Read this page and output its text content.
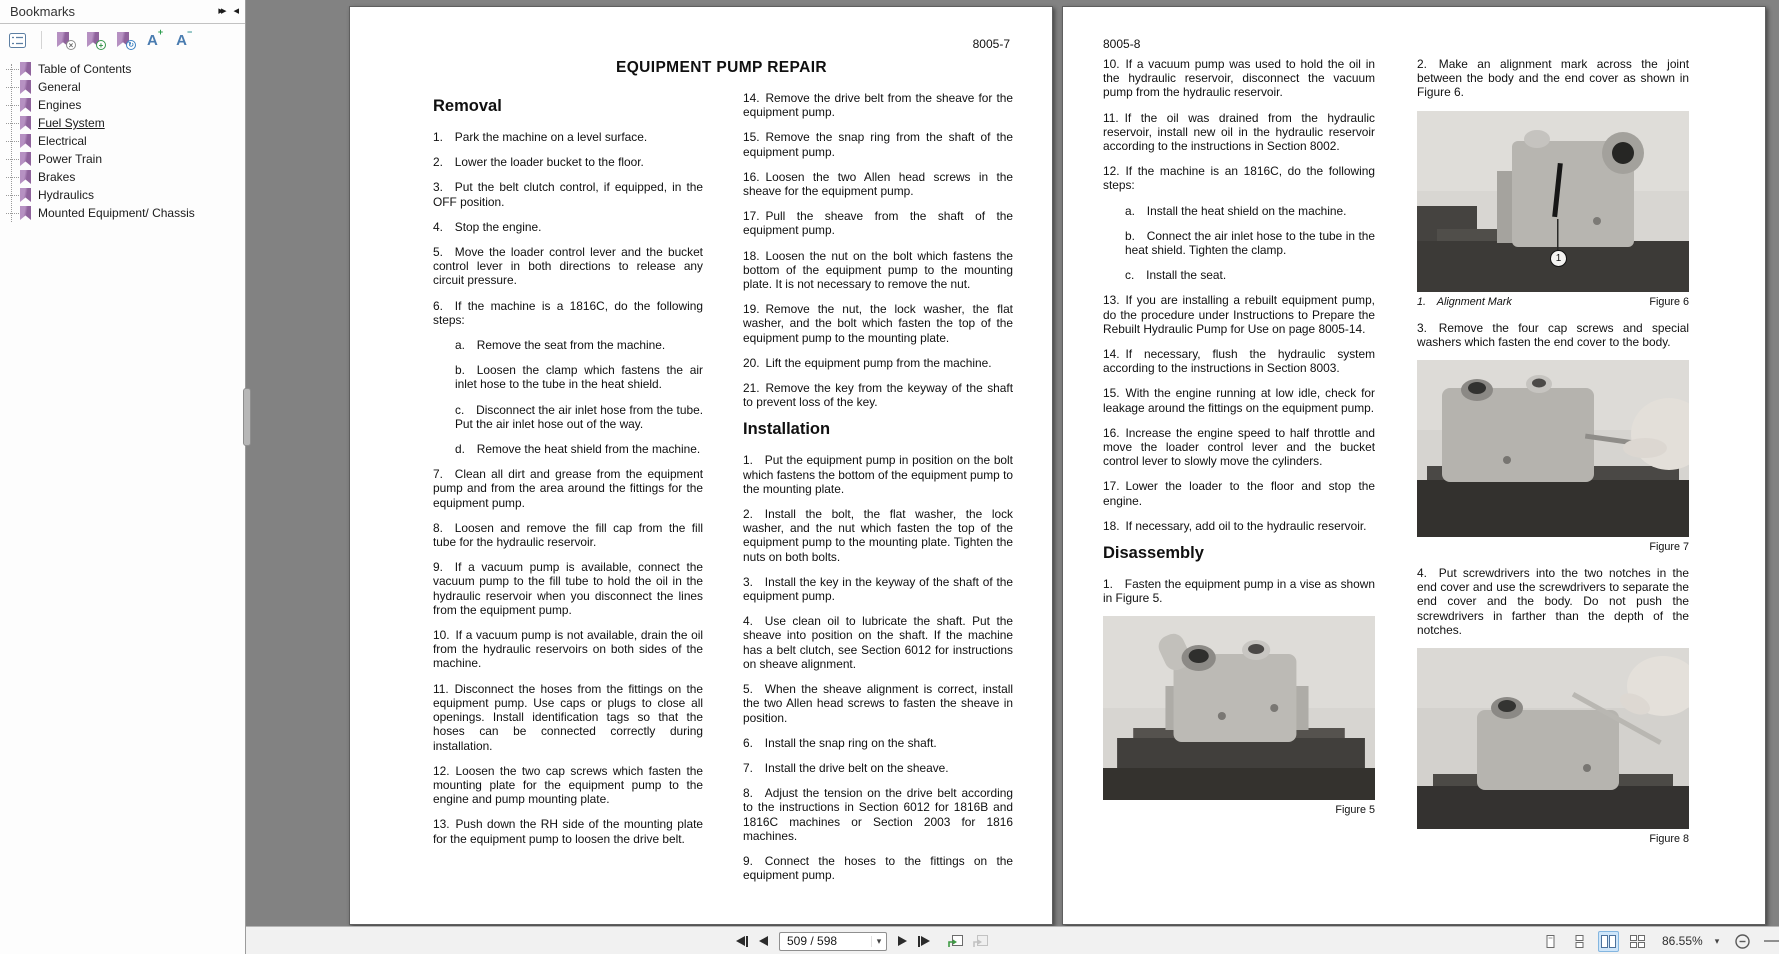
Bookmarks	▸▸ ◂
×	+	↻ A+ A−
Table of Contents
General
Engines
Fuel System
Electrical
Power Train
Brakes
Hydraulics
Mounted Equipment/ Chassis
8005-7
EQUIPMENT PUMP REPAIR

Removal

1.  Park the machine on a level surface.

2.  Lower the loader bucket to the floor.

3.  Put the belt clutch control, if equipped, in the OFF position.

4.  Stop the engine.

5.  Move the loader control lever and the bucket control lever in both directions to release any circuit pressure.

6.  If the machine is a 1816C, do the following steps:

a.  Remove the seat from the machine.

b.  Loosen the clamp which fastens the air inlet hose to the tube in the heat shield.

c.  Disconnect the air inlet hose from the tube. Put the air inlet hose out of the way.

d.  Remove the heat shield from the machine.

7.  Clean all dirt and grease from the equipment pump and from the area around the fittings for the equipment pump.

8.  Loosen and remove the fill cap from the fill tube for the hydraulic reservoir.

9.  If a vacuum pump is available, connect the vacuum pump to the fill tube to hold the oil in the hydraulic reservoir when you disconnect the lines from the equipment pump.

10. If a vacuum pump is not available, drain the oil from the hydraulic reservoirs on both sides of the machine.

11. Disconnect the hoses from the fittings on the equipment pump. Use caps or plugs to close all openings. Install identification tags so that the hoses can be connected correctly during installation.

12. Loosen the two cap screws which fasten the mounting plate for the equipment pump to the engine and pump mounting plate.

13. Push down the RH side of the mounting plate for the equipment pump to loosen the drive belt.

14. Remove the drive belt from the sheave for the equipment pump.

15. Remove the snap ring from the shaft of the equipment pump.

16. Loosen the two Allen head screws in the sheave for the equipment pump.

17. Pull the sheave from the shaft of the equipment pump.

18. Loosen the nut on the bolt which fastens the bottom of the equipment pump to the mounting plate. It is not necessary to remove the nut.

19. Remove the nut, the lock washer, the flat washer, and the bolt which fasten the top of the equipment pump to the mounting plate.

20. Lift the equipment pump from the machine.

21. Remove the key from the keyway of the shaft to prevent loss of the key.

Installation

1.  Put the equipment pump in position on the bolt which fastens the bottom of the equipment pump to the mounting plate.

2.  Install the bolt, the flat washer, the lock washer, and the nut which fasten the top of the equipment pump to the mounting plate. Tighten the nuts on both bolts.

3.  Install the key in the keyway of the shaft of the equipment pump.

4.  Use clean oil to lubricate the shaft. Put the sheave into position on the shaft. If the machine has a belt clutch, see Section 6012 for instructions on sheave alignment.

5.  When the sheave alignment is correct, install the two Allen head screws to fasten the sheave in position.

6.  Install the snap ring on the shaft.

7.  Install the drive belt on the sheave.

8.  Adjust the tension on the drive belt according to the instructions in Section 6012 for 1816B and 1816C machines or Section 2003 for 1816 machines.

9.  Connect the hoses to the fittings on the equipment pump.

8005-8

10. If a vacuum pump was used to hold the oil in the hydraulic reservoir, disconnect the vacuum pump from the hydraulic reservoir.

11. If the oil was drained from the hydraulic reservoir, install new oil in the hydraulic reservoir according to the instructions in Section 8002.

12. If the machine is an 1816C, do the following steps:

a.  Install the heat shield on the machine.

b.  Connect the air inlet hose to the tube in the heat shield. Tighten the clamp.

c.  Install the seat.

13. If you are installing a rebuilt equipment pump, do the procedure under Instructions to Prepare the Rebuilt Hydraulic Pump for Use on page 8005-14.

14. If necessary, flush the hydraulic system according to the instructions in Section 8003.

15. With the engine running at low idle, check for leakage around the fittings on the equipment pump.

16. Increase the engine speed to half throttle and move the loader control lever and the bucket control lever to slowly move the cylinders.

17. Lower the loader to the floor and stop the engine.

18. If necessary, add oil to the hydraulic reservoir.

Disassembly

1.  Fasten the equipment pump in a vise as shown in Figure 5.

Figure 5

2.  Make an alignment mark across the joint between the body and the end cover as shown in Figure 6.

1
1.  Alignment Mark	Figure 6

3.  Remove the four cap screws and special washers which fasten the end cover to the body.

Figure 7

4.  Put screwdrivers into the two notches in the end cover and use the screwdrivers to separate the end cover and the body. Do not push the screwdrivers in farther than the depth of the notches.

Figure 8
509 / 598	▾	86.55% ▾
